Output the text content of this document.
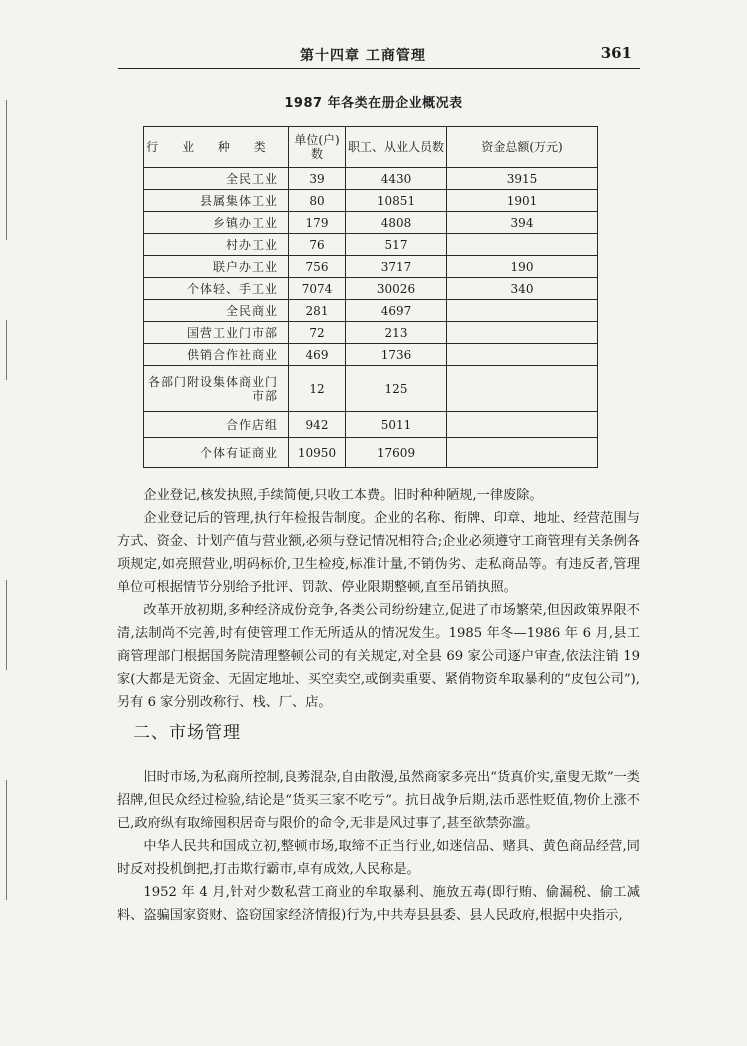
第十四章 工商管理	361
1987 年各类在册企业概况表
行 业 种 类	单位(户)数	职工、从业人员数	资金总额(万元)
全民工业	39	4430	3915
县属集体工业	80	10851	1901
乡镇办工业	179	4808	394
村办工业	76	517	
联户办工业	756	3717	190
个体轻、手工业	7074	30026	340
全民商业	281	4697	
国营工业门市部	72	213	
供销合作社商业	469	1736	
各部门附设集体商业门市部	12	125	
合作店组	942	5011	
个体有证商业	10950	17609	

企业登记,核发执照,手续简便,只收工本费。旧时种种陋规,一律废除。

企业登记后的管理,执行年检报告制度。企业的名称、衔牌、印章、地址、经营范围与方式、资金、计划产值与营业额,必须与登记情况相符合;企业必须遵守工商管理有关条例各项规定,如亮照营业,明码标价,卫生检疫,标准计量,不销伪劣、走私商品等。有违反者,管理单位可根据情节分别给予批评、罚款、停业限期整顿,直至吊销执照。

改革开放初期,多种经济成份竞争,各类公司纷纷建立,促进了市场繁荣,但因政策界限不清,法制尚不完善,时有使管理工作无所适从的情况发生。1985 年冬—1986 年 6 月,县工商管理部门根据国务院清理整顿公司的有关规定,对全县 69 家公司逐户审查,依法注销 19 家(大都是无资金、无固定地址、买空卖空,或倒卖重要、紧俏物资牟取暴利的“皮包公司”),另有 6 家分别改称行、栈、厂、店。

二、市场管理

旧时市场,为私商所控制,良莠混杂,自由散漫,虽然商家多亮出“货真价实,童叟无欺”一类招牌,但民众经过检验,结论是“货买三家不吃亏”。抗日战争后期,法币恶性贬值,物价上涨不已,政府纵有取缔囤积居奇与限价的命令,无非是风过事了,甚至欲禁弥滥。

中华人民共和国成立初,整顿市场,取缔不正当行业,如迷信品、赌具、黄色商品经营,同时反对投机倒把,打击欺行霸市,卓有成效,人民称是。

1952 年 4 月,针对少数私营工商业的牟取暴利、施放五毒(即行贿、偷漏税、偷工减料、盗骗国家资财、盗窃国家经济情报)行为,中共寿县县委、县人民政府,根据中央指示,
